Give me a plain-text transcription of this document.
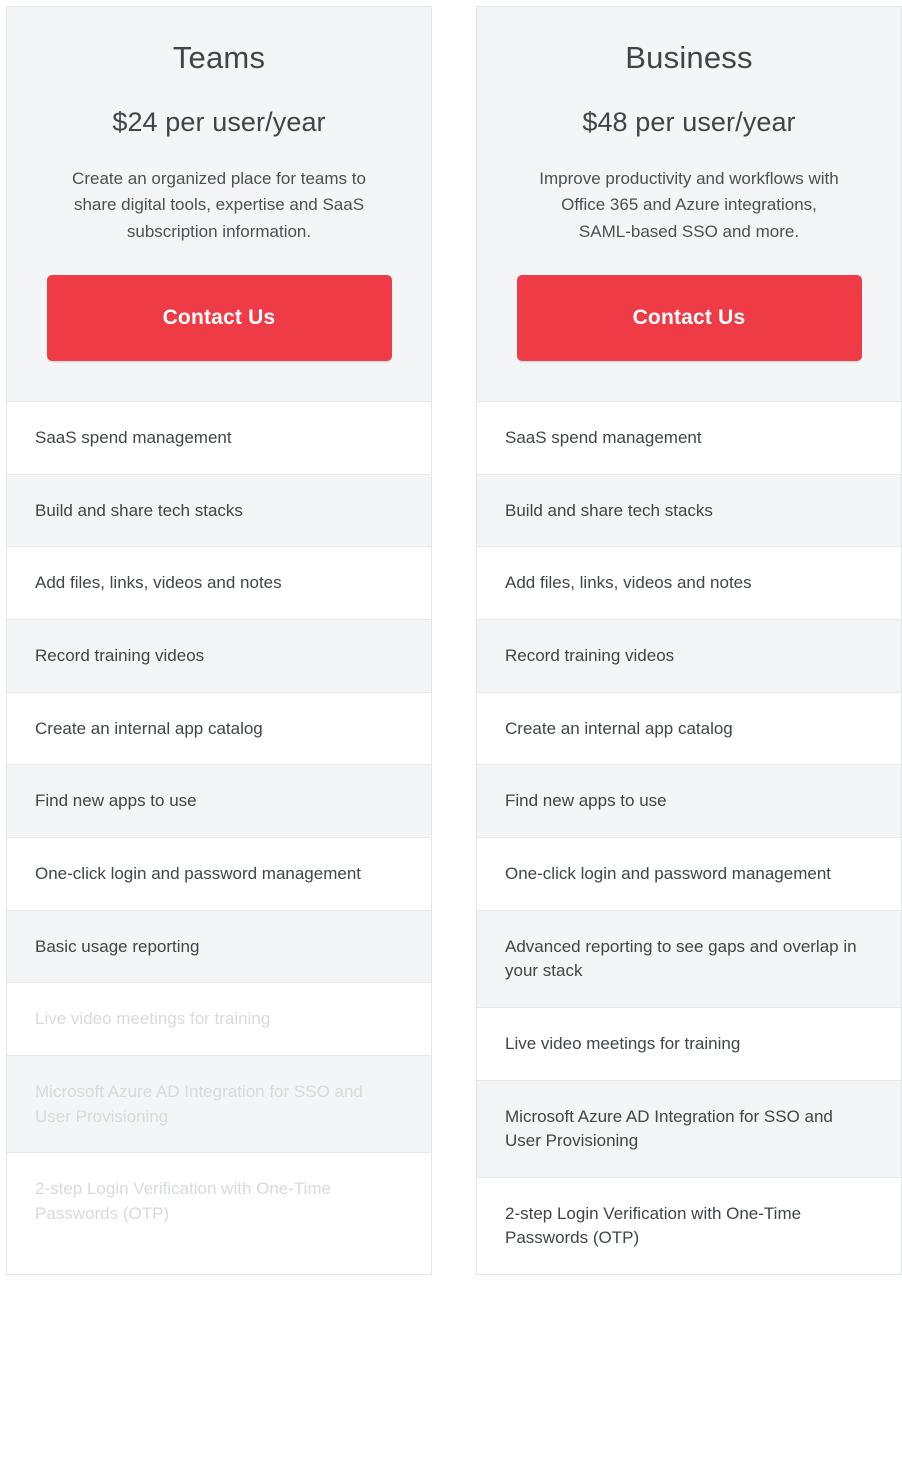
Teams
$24 per user/year

Create an organized place for teams to share digital tools, expertise and SaaS subscription information.

Contact Us
SaaS spend management
Build and share tech stacks
Add files, links, videos and notes
Record training videos
Create an internal app catalog
Find new apps to use
One-click login and password management
Basic usage reporting
Live video meetings for training
Microsoft Azure AD Integration for SSO and User Provisioning
2-step Login Verification with One-Time Passwords (OTP)
Business
$48 per user/year

Improve productivity and workflows with Office 365 and Azure integrations, SAML-based SSO and more.

Contact Us
SaaS spend management
Build and share tech stacks
Add files, links, videos and notes
Record training videos
Create an internal app catalog
Find new apps to use
One-click login and password management
Advanced reporting to see gaps and overlap in your stack
Live video meetings for training
Microsoft Azure AD Integration for SSO and User Provisioning
2-step Login Verification with One-Time Passwords (OTP)
